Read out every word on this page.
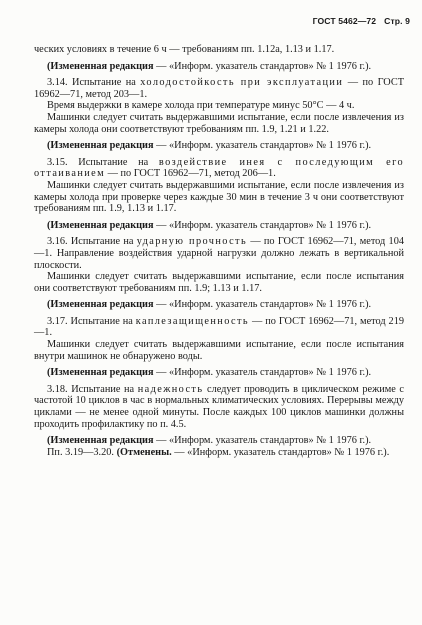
ГОСТ 5462—72 Стр. 9

ческих условиях в течение 6 ч — требованиям пп. 1.12а, 1.13 и 1.17.

(Измененная редакция — «Информ. указатель стандартов» № 1 1976 г.).

3.14. Испытание на холодостойкость при эксплуатации — по ГОСТ 16962—71, метод 203—1.

Время выдержки в камере холода при температуре минус 50°С — 4 ч.

Машинки следует считать выдержавшими испытание, если после извлечения из камеры холода они соответствуют требованиям пп. 1.9, 1.21 и 1.22.

(Измененная редакция — «Информ. указатель стандартов» № 1 1976 г.).

3.15. Испытание на воздействие инея с последующим его оттаиванием — по ГОСТ 16962—71, метод 206—1.

Машинки следует считать выдержавшими испытание, если после извлечения из камеры холода при проверке через каждые 30 мин в течение 3 ч они соответствуют требованиям пп. 1.9, 1.13 и 1.17.

(Измененная редакция — «Информ. указатель стандартов» № 1 1976 г.).

3.16. Испытание на ударную прочность — по ГОСТ 16962—71, метод 104—1. Направление воздействия ударной нагрузки должно лежать в вертикальной плоскости.

Машинки следует считать выдержавшими испытание, если после испытания они соответствуют требованиям пп. 1.9; 1.13 и 1.17.

(Измененная редакция — «Информ. указатель стандартов» № 1 1976 г.).

3.17. Испытание на каплезащищенность — по ГОСТ 16962—71, метод 219—1.

Машинки следует считать выдержавшими испытание, если после испытания внутри машинок не обнаружено воды.

(Измененная редакция — «Информ. указатель стандартов» № 1 1976 г.).

3.18. Испытание на надежность следует проводить в циклическом режиме с частотой 10 циклов в час в нормальных климатических условиях. Перерывы между циклами — не менее одной минуты. После каждых 100 циклов машинки должны проходить профилактику по п. 4.5.

(Измененная редакция — «Информ. указатель стандартов» № 1 1976 г.).

Пп. 3.19—3.20. (Отменены. — «Информ. указатель стандартов» № 1 1976 г.).
